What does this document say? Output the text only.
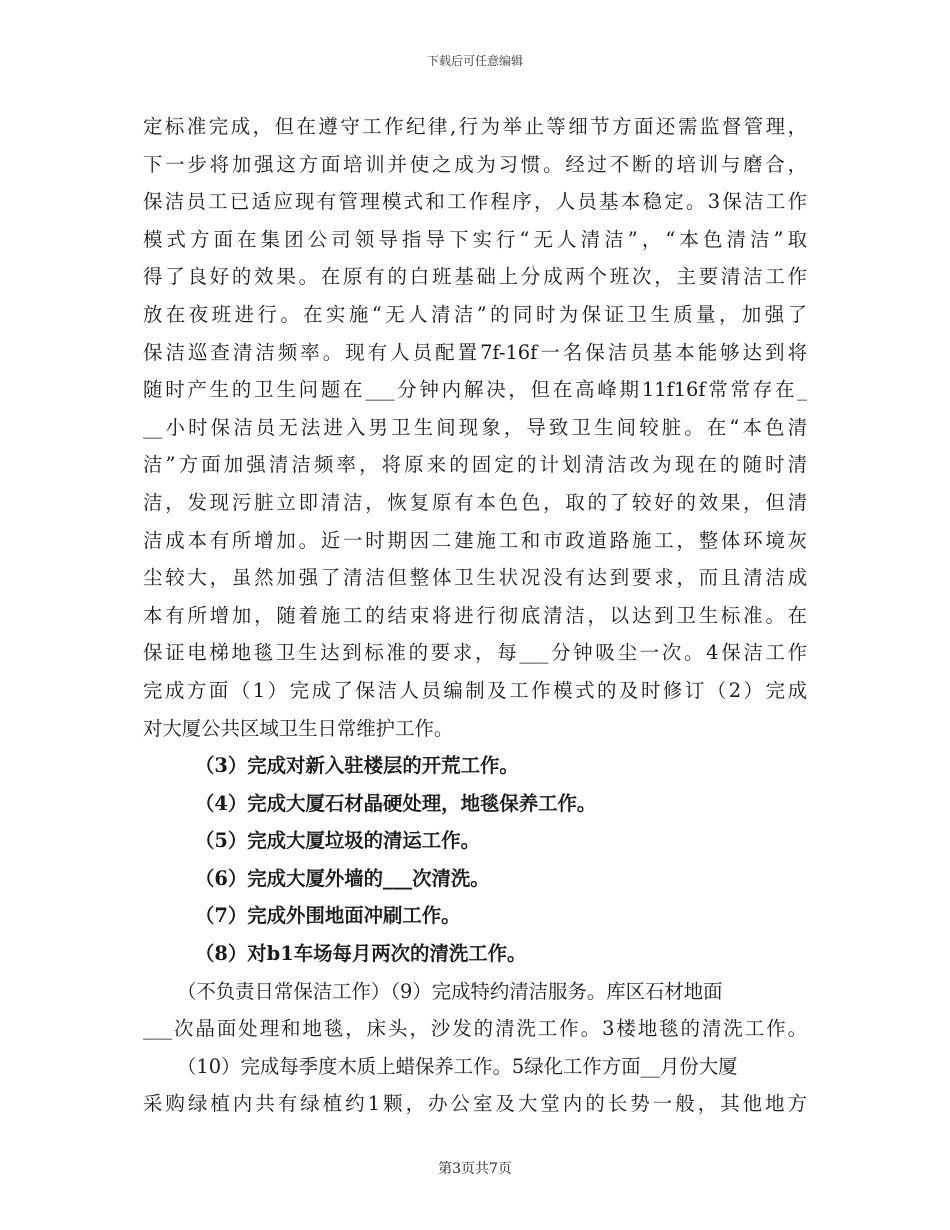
下载后可任意编辑
定标准完成，但在遵守工作纪律,行为举止等细节方面还需监督管理，
下一步将加强这方面培训并使之成为习惯。经过不断的培训与磨合，
保洁员工已适应现有管理模式和工作程序，人员基本稳定。3保洁工作
模式方面在集团公司领导指导下实行“无人清洁”，“本色清洁”取
得了良好的效果。在原有的白班基础上分成两个班次，主要清洁工作
放在夜班进行。在实施“无人清洁”的同时为保证卫生质量，加强了
保洁巡查清洁频率。现有人员配置7f-16f一名保洁员基本能够达到将
随时产生的卫生问题在___分钟内解决，但在高峰期11f16f常常存在_
__小时保洁员无法进入男卫生间现象，导致卫生间较脏。在“本色清
洁”方面加强清洁频率，将原来的固定的计划清洁改为现在的随时清
洁，发现污脏立即清洁，恢复原有本色色，取的了较好的效果，但清
洁成本有所增加。近一时期因二建施工和市政道路施工，整体环境灰
尘较大，虽然加强了清洁但整体卫生状况没有达到要求，而且清洁成
本有所增加，随着施工的结束将进行彻底清洁，以达到卫生标准。在
保证电梯地毯卫生达到标准的要求，每___分钟吸尘一次。4保洁工作
完成方面（1）完成了保洁人员编制及工作模式的及时修订（2）完成
对大厦公共区域卫生日常维护工作。
（3）完成对新入驻楼层的开荒工作。
（4）完成大厦石材晶硬处理，地毯保养工作。
（5）完成大厦垃圾的清运工作。
（6）完成大厦外墙的___次清洗。
（7）完成外围地面冲刷工作。
（8）对b1车场每月两次的清洗工作。
（不负责日常保洁工作）（9）完成特约清洁服务。库区石材地面
___次晶面处理和地毯，床头，沙发的清洗工作。3楼地毯的清洗工作。
（10）完成每季度木质上蜡保养工作。5绿化工作方面__月份大厦
采购绿植内共有绿植约1颗，办公室及大堂内的长势一般，其他地方
第3页共7页
